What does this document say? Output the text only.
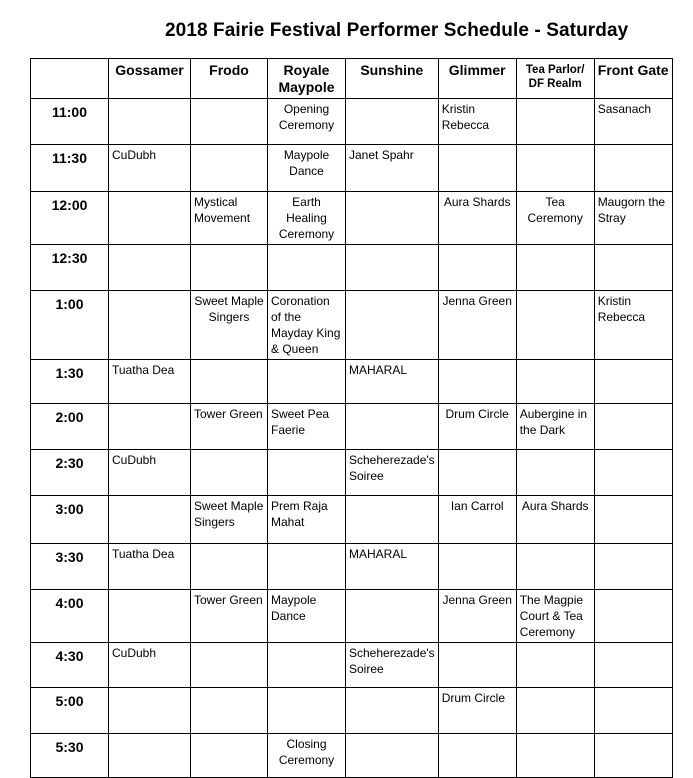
2018 Fairie Festival Performer Schedule - Saturday
	Gossamer	Frodo	Royale Maypole	Sunshine	Glimmer	Tea Parlor/ DF Realm	Front Gate
11:00			Opening Ceremony		Kristin Rebecca		Sasanach
11:30	CuDubh		Maypole Dance	Janet Spahr			
12:00		Mystical Movement	Earth Healing Ceremony		Aura Shards	Tea Ceremony	Maugorn the Stray
12:30							
1:00		Sweet Maple Singers	Coronation of the Mayday King & Queen		Jenna Green		Kristin Rebecca
1:30	Tuatha Dea			MAHARAL			
2:00		Tower Green	Sweet Pea Faerie		Drum Circle	Aubergine in the Dark	
2:30	CuDubh			Scheherezade's Soiree			
3:00		Sweet Maple Singers	Prem Raja Mahat		Ian Carrol	Aura Shards	
3:30	Tuatha Dea			MAHARAL			
4:00		Tower Green	Maypole Dance		Jenna Green	The Magpie Court & Tea Ceremony	
4:30	CuDubh			Scheherezade's Soiree			
5:00					Drum Circle		
5:30			Closing Ceremony				
